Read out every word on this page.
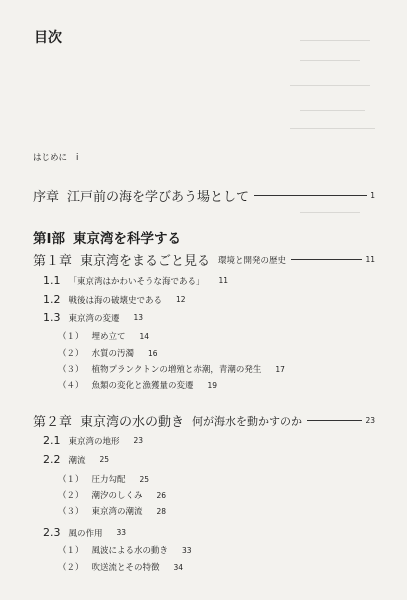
目次
はじめに i
序章 江戸前の海を学びあう場として	1
第Ⅰ部 東京湾を科学する
第１章 東京湾をまるごと見る 環境と開発の歴史	11
1.1 「東京湾はかわいそうな海である」 11
1.2 戦後は海の破壊史である 12
1.3 東京湾の変遷 13
（１） 埋め立て 14
（２） 水質の汚濁 16
（３） 植物プランクトンの増殖と赤潮，青潮の発生 17
（４） 魚類の変化と漁獲量の変遷 19
第２章 東京湾の水の動き 何が海水を動かすのか	23
2.1 東京湾の地形 23
2.2 潮流 25
（１） 圧力勾配 25
（２） 潮汐のしくみ 26
（３） 東京湾の潮流 28
2.3 風の作用 33
（１） 風波による水の動き 33
（２） 吹送流とその特徴 34
